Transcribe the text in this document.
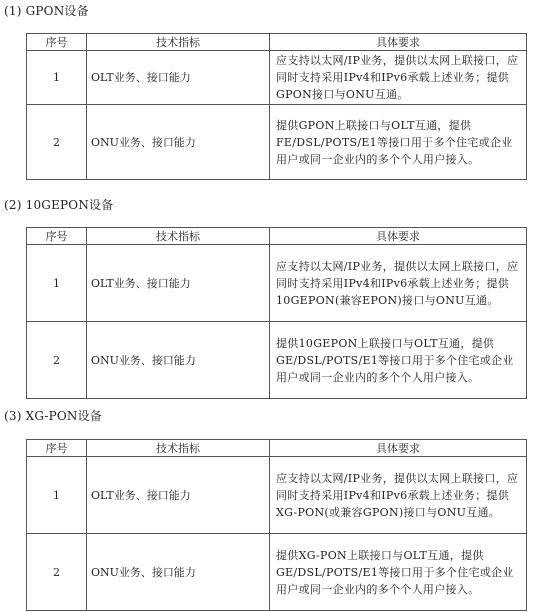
(1) GPON设备
序号	技术指标	具体要求
1	OLT业务、接口能力	应支持以太网/IP业务，提供以太网上联接口，应同时支持采用IPv4和IPv6承载上述业务；提供GPON接口与ONU互通。
2	ONU业务、接口能力	提供GPON上联接口与OLT互通，提供FE/DSL/POTS/E1等接口用于多个住宅或企业用户或同一企业内的多个个人用户接入。
(2) 10GEPON设备
序号	技术指标	具体要求
1	OLT业务、接口能力	应支持以太网/IP业务，提供以太网上联接口，应同时支持采用IPv4和IPv6承载上述业务；提供10GEPON(兼容EPON)接口与ONU互通。
2	ONU业务、接口能力	提供10GEPON上联接口与OLT互通，提供GE/DSL/POTS/E1等接口用于多个住宅或企业用户或同一企业内的多个个人用户接入。
(3) XG-PON设备
序号	技术指标	具体要求
1	OLT业务、接口能力	应支持以太网/IP业务，提供以太网上联接口，应同时支持采用IPv4和IPv6承载上述业务；提供XG-PON(或兼容GPON)接口与ONU互通。
2	ONU业务、接口能力	提供XG-PON上联接口与OLT互通，提供GE/DSL/POTS/E1等接口用于多个住宅或企业用户或同一企业内的多个个人用户接入。
